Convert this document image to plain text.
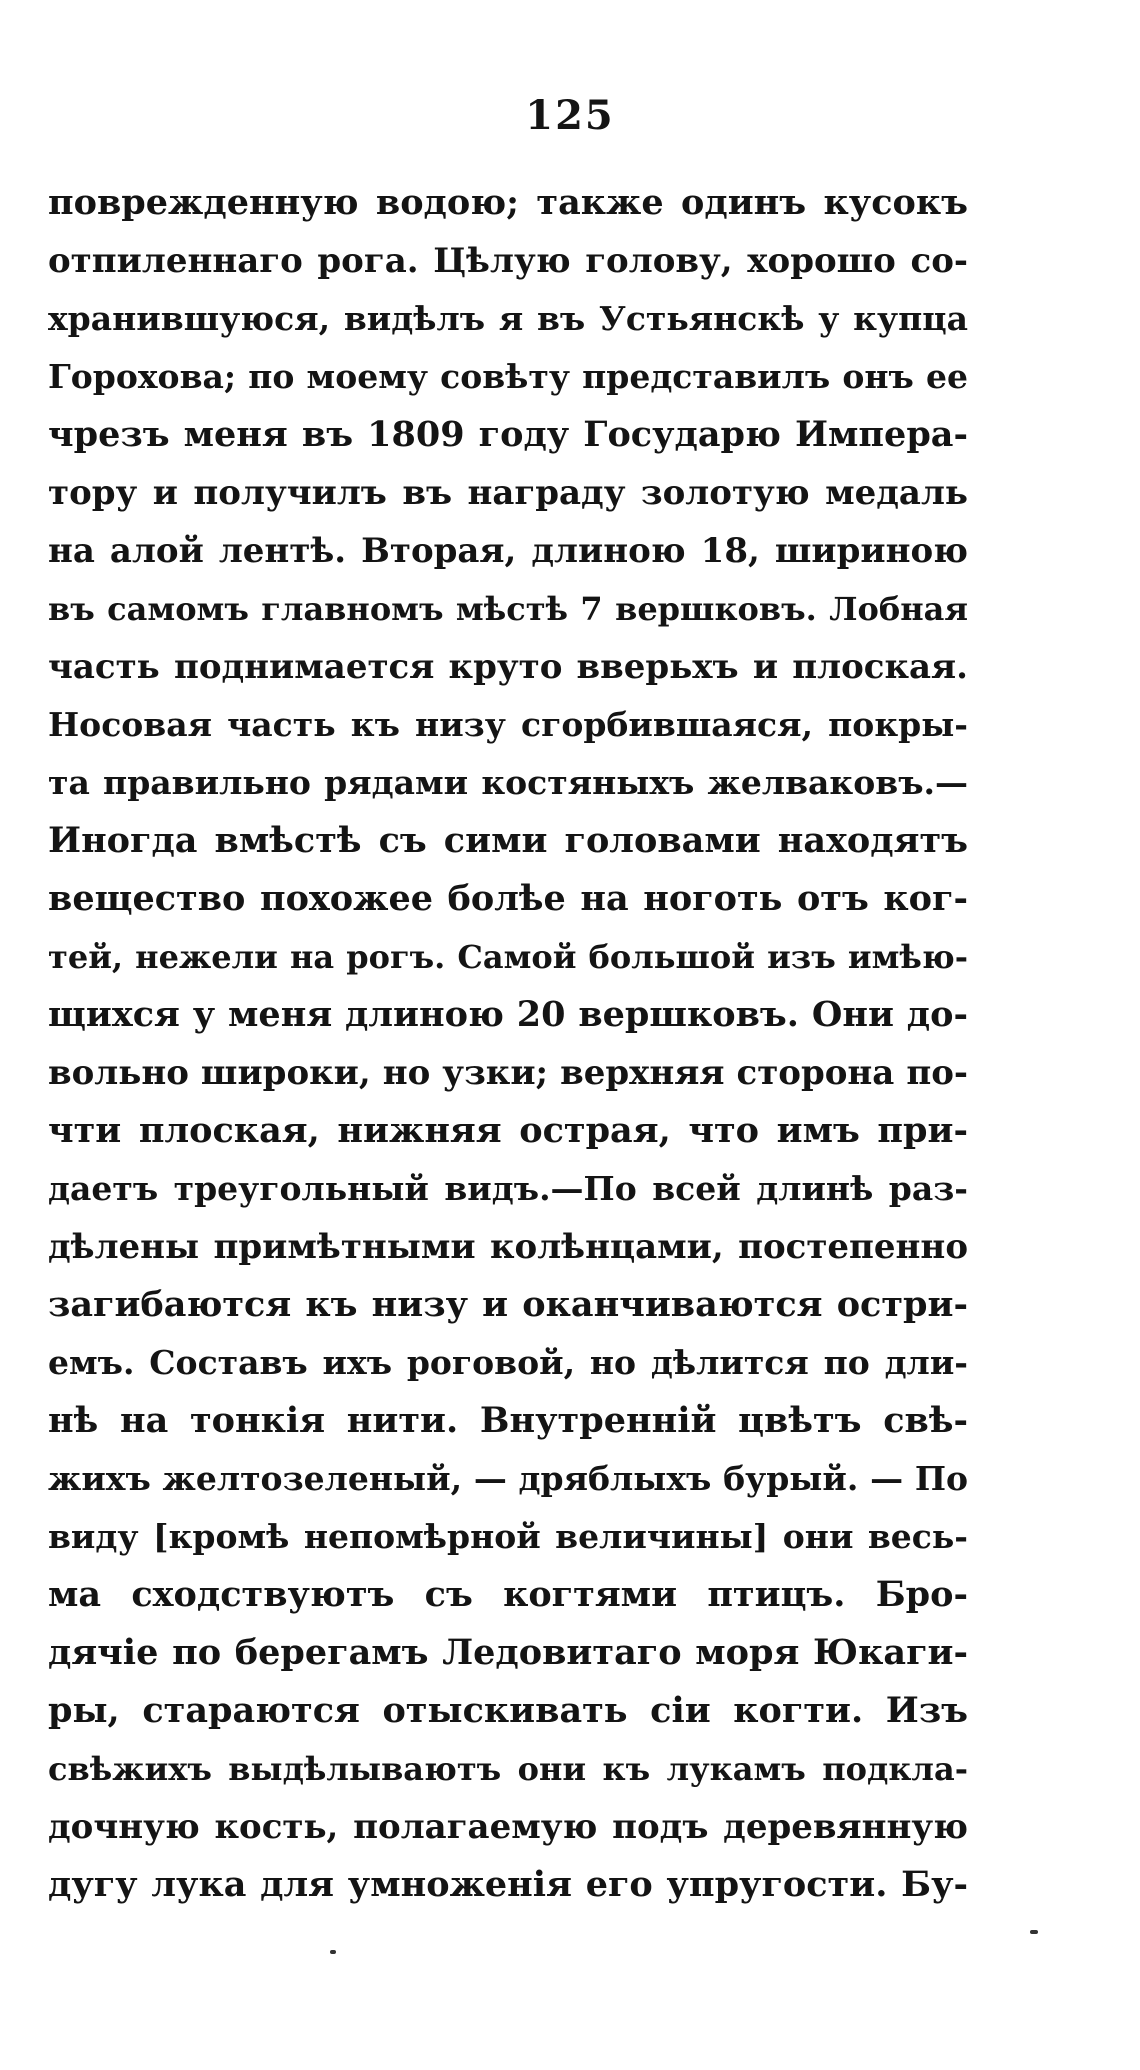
125
поврежденную водою; также одинъ кусокъ
отпиленнаго рога. Цѣлую голову, хорошо со-
хранившуюся, видѣлъ я въ Устьянскѣ у купца
Горохова; по моему совѣту представилъ онъ ее
чрезъ меня въ 1809 году Государю Импера-
тору и получилъ въ награду золотую медаль
на алой лентѣ. Вторая, длиною 18, шириною
въ самомъ главномъ мѣстѣ 7 вершковъ. Лобная
часть поднимается круто вверьхъ и плоская.
Носовая часть къ низу сгорбившаяся, покры-
та правильно рядами костяныхъ желваковъ.—
Иногда вмѣстѣ съ сими головами находятъ
вещество похожее болѣе на ноготь отъ ког-
тей, нежели на рогъ. Самой большой изъ имѣю-
щихся у меня длиною 20 вершковъ. Они до-
вольно широки, но узки; верхняя сторона по-
чти плоская, нижняя острая, что имъ при-
даетъ треугольный видъ.—По всей длинѣ раз-
дѣлены примѣтными колѣнцами, постепенно
загибаются къ низу и оканчиваются остри-
емъ. Составъ ихъ роговой, но дѣлится по дли-
нѣ на тонкія нити. Внутренній цвѣтъ свѣ-
жихъ желтозеленый, — дряблыхъ бурый. — По
виду [кромѣ непомѣрной величины] они весь-
ма сходствуютъ съ когтями птицъ. Бро-
дячіе по берегамъ Ледовитаго моря Юкаги-
ры, стараются отыскивать сіи когти. Изъ
свѣжихъ выдѣлываютъ они къ лукамъ подкла-
дочную кость, полагаемую подъ деревянную
дугу лука для умноженія его упругости. Бу-
